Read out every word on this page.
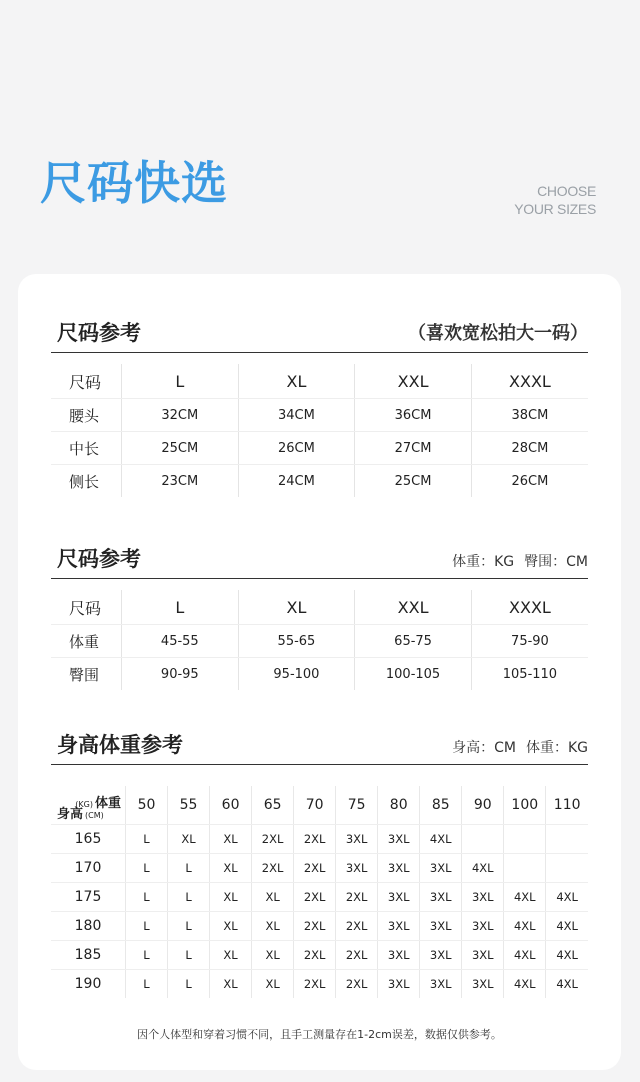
尺码快选	CHOOSE
YOUR SIZES
尺码参考	（喜欢宽松拍大一码）
尺码	L	XL	XXL	XXXL
腰头	32CM	34CM	36CM	38CM
中长	25CM	26CM	27CM	28CM
侧长	23CM	24CM	25CM	26CM
尺码参考	体重：KG 臀围：CM
尺码	L	XL	XXL	XXXL
体重	45-55	55-65	65-75	75-90
臀围	90-95	95-100	100-105	105-110
身高体重参考	身高：CM 体重：KG
(KG) 体重
身高 (CM)	50	55	60	65	70	75	80	85	90	100	110
165	L	XL	XL	2XL	2XL	3XL	3XL	4XL			
170	L	L	XL	2XL	2XL	3XL	3XL	3XL	4XL		
175	L	L	XL	XL	2XL	2XL	3XL	3XL	3XL	4XL	4XL
180	L	L	XL	XL	2XL	2XL	3XL	3XL	3XL	4XL	4XL
185	L	L	XL	XL	2XL	2XL	3XL	3XL	3XL	4XL	4XL
190	L	L	XL	XL	2XL	2XL	3XL	3XL	3XL	4XL	4XL
因个人体型和穿着习惯不同，且手工测量存在1-2cm误差，数据仅供参考。
